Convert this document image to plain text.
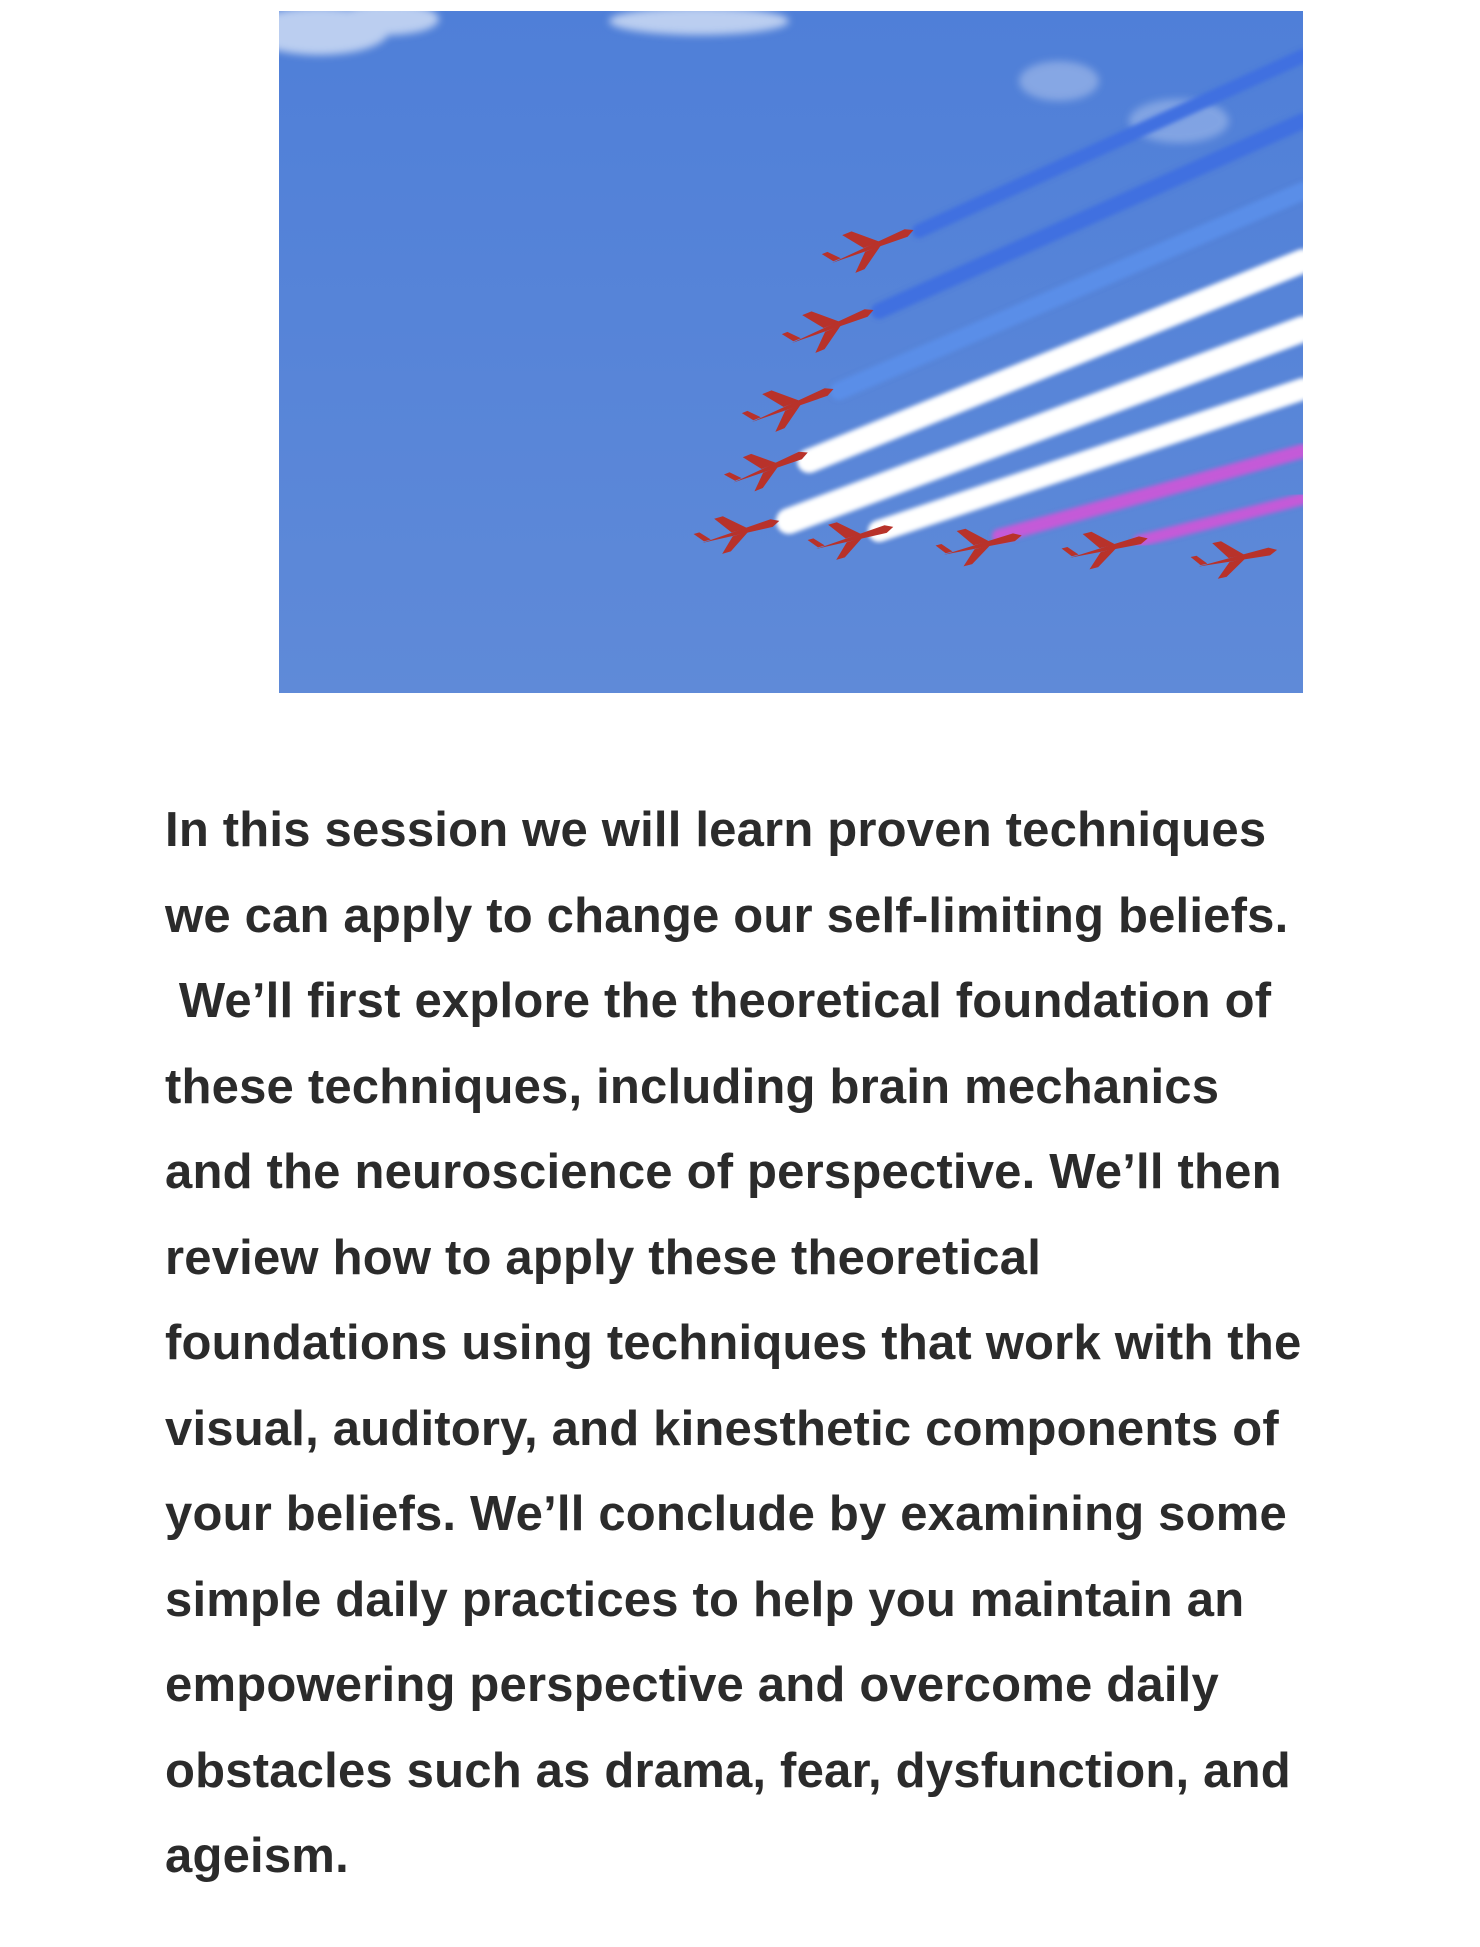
In this session we will learn proven techniques
we can apply to change our self-limiting beliefs.
We’ll first explore the theoretical foundation of
these techniques, including brain mechanics
and the neuroscience of perspective. We’ll then
review how to apply these theoretical
foundations using techniques that work with the
visual, auditory, and kinesthetic components of
your beliefs. We’ll conclude by examining some
simple daily practices to help you maintain an
empowering perspective and overcome daily
obstacles such as drama, fear, dysfunction, and
ageism.
